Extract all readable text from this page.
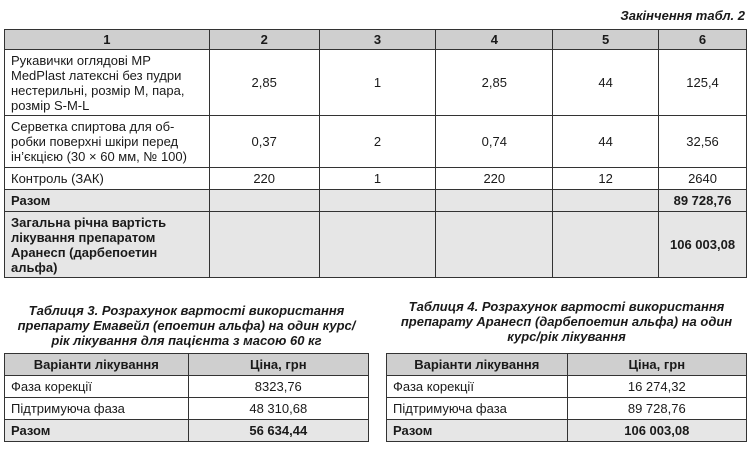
Закінчення табл. 2
1	2	3	4	5	6

Рукавички оглядові MP
MedPlast латексні без пудри
нестерильні, розмір M, пара,
розмір S-M-L	2,85	1	2,85	44	125,4

Серветка спиртова для об-
робки поверхні шкіри перед
ін’єкцією (30 × 60 мм, № 100)	0,37	2	0,74	44	32,56
Контроль (ЗАК)	220	1	220	12	2640
Разом					89 728,76

Загальна річна вартість
лікування препаратом
Аранесп (дарбепоетин
альфа)					106 003,08
Таблиця 3. Розрахунок вартості використання
препарату Емавейл (епоетин альфа) на один курс/
рік лікування для пацієнта з масою 60 кг
Таблиця 4. Розрахунок вартості використання
препарату Аранесп (дарбепоетин альфа) на один
курс/рік лікування
Варіанти лікування	Ціна, грн
Фаза корекції	8323,76
Підтримуюча фаза	48 310,68
Разом	56 634,44
Варіанти лікування	Ціна, грн
Фаза корекції	16 274,32
Підтримуюча фаза	89 728,76
Разом	106 003,08
